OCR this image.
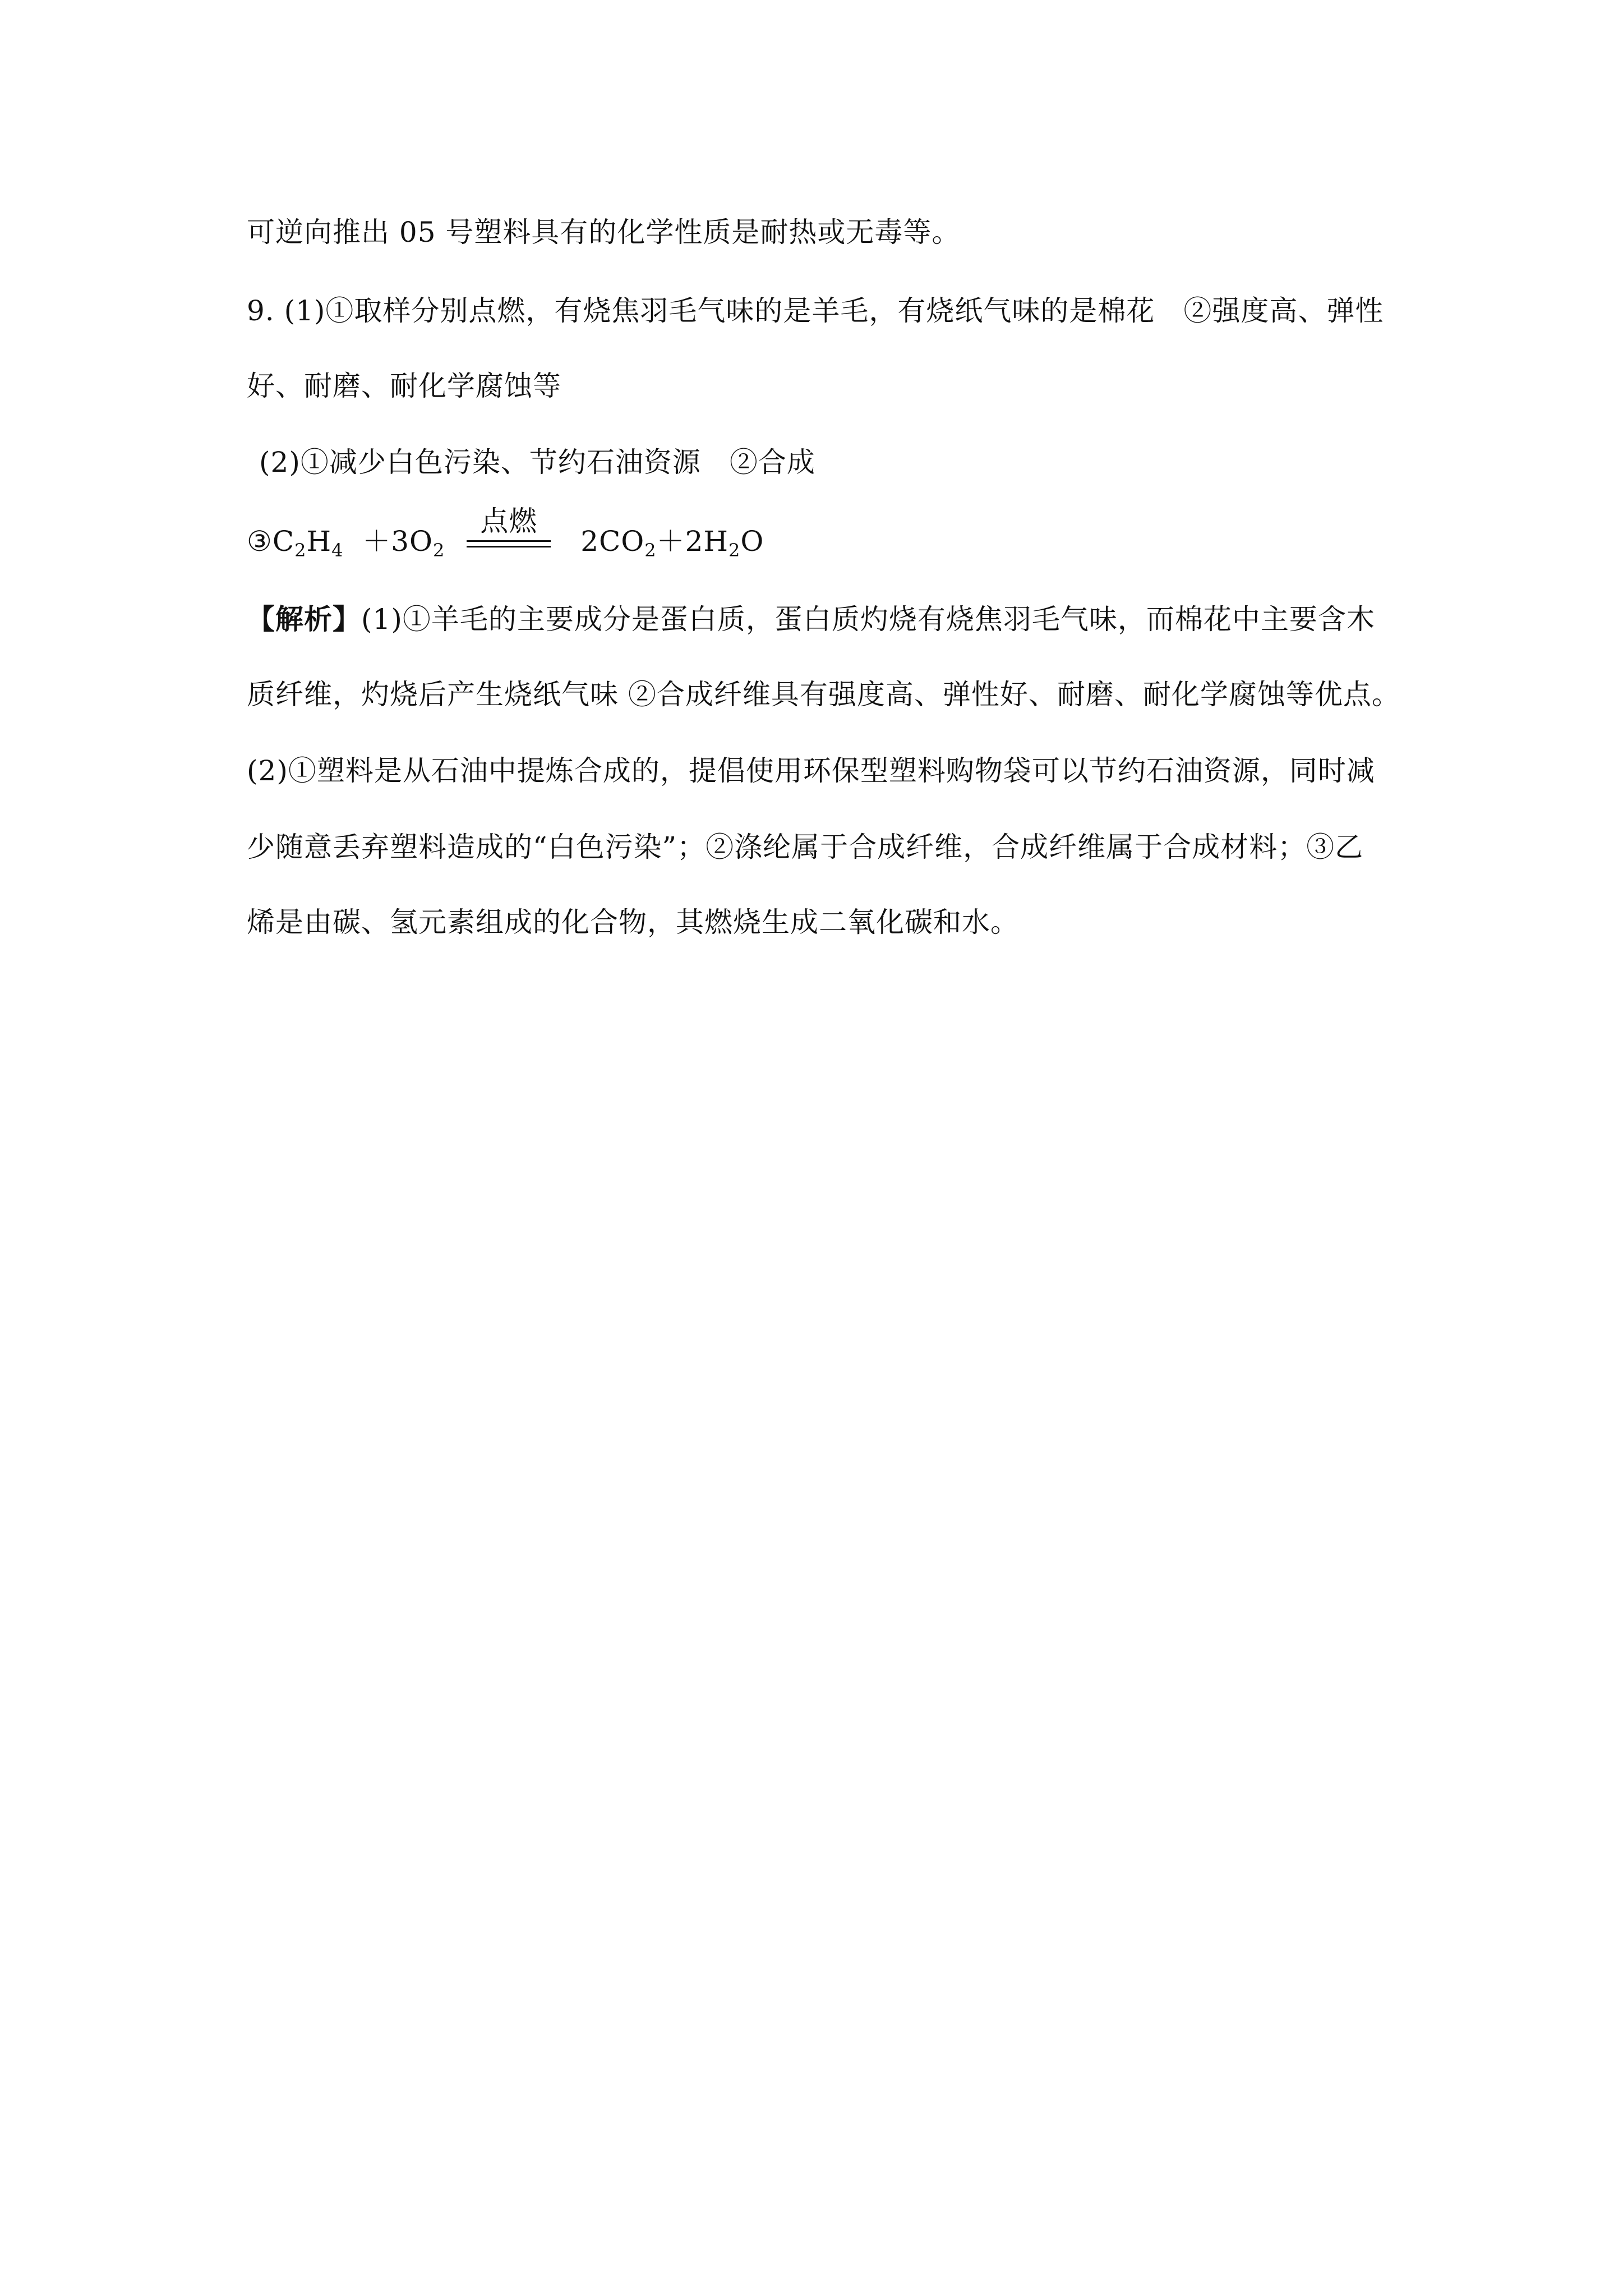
可逆向推出 05 号塑料具有的化学性质是耐热或无毒等。
9. (1)①取样分别点燃，有烧焦羽毛气味的是羊毛，有烧纸气味的是棉花　②强度高、弹性
好、耐磨、耐化学腐蚀等
(2)①减少白色污染、节约石油资源　②合成
$③C_2H_4 +3O_2$
点燃
$2CO_2+2H_2O$
【解析】(1)①羊毛的主要成分是蛋白质，蛋白质灼烧有烧焦羽毛气味，而棉花中主要含木
质纤维，灼烧后产生烧纸气味 ②合成纤维具有强度高、弹性好、耐磨、耐化学腐蚀等优点。
(2)①塑料是从石油中提炼合成的，提倡使用环保型塑料购物袋可以节约石油资源，同时减
少随意丢弃塑料造成的“白色污染”；②涤纶属于合成纤维，合成纤维属于合成材料；③乙
烯是由碳、氢元素组成的化合物，其燃烧生成二氧化碳和水。
